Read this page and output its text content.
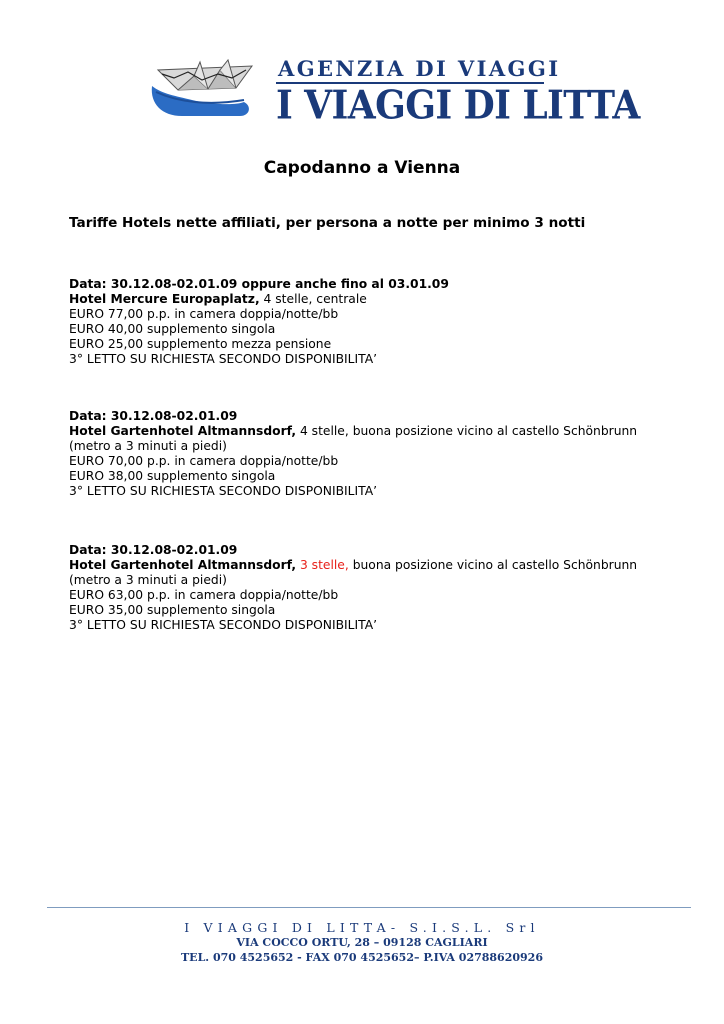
AGENZIA DI VIAGGI
I VIAGGI DI LITTA
Capodanno a Vienna
Tariffe Hotels nette affiliati, per persona a notte per minimo 3 notti
Data: 30.12.08-02.01.09 oppure anche fino al 03.01.09
Hotel Mercure Europaplatz, 4 stelle, centrale
EURO 77,00 p.p. in camera doppia/notte/bb
EURO 40,00 supplemento singola
EURO 25,00 supplemento mezza pensione
3° LETTO SU RICHIESTA SECONDO DISPONIBILITA’
Data: 30.12.08-02.01.09
Hotel Gartenhotel Altmannsdorf, 4 stelle, buona posizione vicino al castello Schönbrunn
(metro a 3 minuti a piedi)
EURO 70,00 p.p. in camera doppia/notte/bb
EURO 38,00 supplemento singola
3° LETTO SU RICHIESTA SECONDO DISPONIBILITA’
Data: 30.12.08-02.01.09
Hotel Gartenhotel Altmannsdorf, 3 stelle, buona posizione vicino al castello Schönbrunn
(metro a 3 minuti a piedi)
EURO 63,00 p.p. in camera doppia/notte/bb
EURO 35,00 supplemento singola
3° LETTO SU RICHIESTA SECONDO DISPONIBILITA’
I VIAGGI DI LITTA- S.I.S.L. Srl
VIA COCCO ORTU, 28 – 09128 CAGLIARI
TEL. 070 4525652 - FAX 070 4525652– P.IVA 02788620926
